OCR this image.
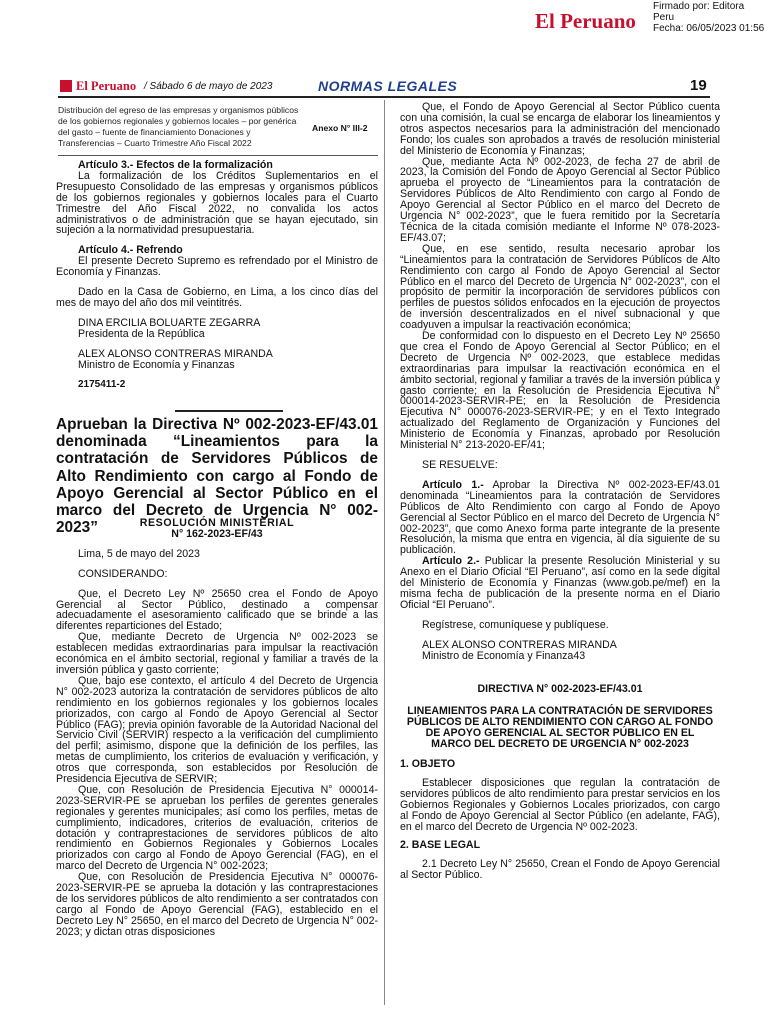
El Peruano
Firmado por: Editora
Peru
Fecha: 06/05/2023 01:56
El Peruano / Sábado 6 de mayo de 2023	NORMAS LEGALES	19
Distribución del egreso de las empresas y organismos públicos de los gobiernos regionales y gobiernos locales – por genérica del gasto – fuente de financiamiento Donaciones y Transferencias – Cuarto Trimestre Año Fiscal 2022
Anexo N° III-2

Artículo 3.- Efectos de la formalización

La formalización de los Créditos Suplementarios en el Presupuesto Consolidado de las empresas y organismos públicos de los gobiernos regionales y gobiernos locales para el Cuarto Trimestre del Año Fiscal 2022, no convalida los actos administrativos o de administración que se hayan ejecutado, sin sujeción a la normatividad presupuestaria.

Artículo 4.- Refrendo

El presente Decreto Supremo es refrendado por el Ministro de Economía y Finanzas.

Dado en la Casa de Gobierno, en Lima, a los cinco días del mes de mayo del año dos mil veintitrés.

DINA ERCILIA BOLUARTE ZEGARRA

Presidenta de la República

ALEX ALONSO CONTRERAS MIRANDA

Ministro de Economía y Finanzas

2175411-2

Aprueban la Directiva Nº 002-2023-EF/43.01 denominada “Lineamientos para la contratación de Servidores Públicos de Alto Rendimiento con cargo al Fondo de Apoyo Gerencial al Sector Público en el marco del Decreto de Urgencia N° 002-2023”	RESOLUCIÓN MINISTERIAL

N° 162-2023-EF/43

Lima, 5 de mayo del 2023

CONSIDERANDO:

Que, el Decreto Ley Nº 25650 crea el Fondo de Apoyo Gerencial al Sector Público, destinado a compensar adecuadamente el asesoramiento calificado que se brinde a las diferentes reparticiones del Estado;

Que, mediante Decreto de Urgencia Nº 002-2023 se establecen medidas extraordinarias para impulsar la reactivación económica en el ámbito sectorial, regional y familiar a través de la inversión pública y gasto corriente;

Que, bajo ese contexto, el artículo 4 del Decreto de Urgencia N° 002-2023 autoriza la contratación de servidores públicos de alto rendimiento en los gobiernos regionales y los gobiernos locales priorizados, con cargo al Fondo de Apoyo Gerencial al Sector Público (FAG); previa opinión favorable de la Autoridad Nacional del Servicio Civil (SERVIR) respecto a la verificación del cumplimiento del perfil; asimismo, dispone que la definición de los perfiles, las metas de cumplimiento, los criterios de evaluación y verificación, y otros que corresponda, son establecidos por Resolución de Presidencia Ejecutiva de SERVIR;

Que, con Resolución de Presidencia Ejecutiva N° 000014-2023-SERVIR-PE se aprueban los perfiles de gerentes generales regionales y gerentes municipales; así como los perfiles, metas de cumplimiento, indicadores, criterios de evaluación, criterios de dotación y contraprestaciones de servidores públicos de alto rendimiento en Gobiernos Regionales y Gobiernos Locales priorizados con cargo al Fondo de Apoyo Gerencial (FAG), en el marco del Decreto de Urgencia N° 002-2023;

Que, con Resolución de Presidencia Ejecutiva N° 000076-2023-SERVIR-PE se aprueba la dotación y las contraprestaciones de los servidores públicos de alto rendimiento a ser contratados con cargo al Fondo de Apoyo Gerencial (FAG), establecido en el Decreto Ley N° 25650, en el marco del Decreto de Urgencia N° 002-2023; y dictan otras disposiciones

Que, el Fondo de Apoyo Gerencial al Sector Público cuenta con una comisión, la cual se encarga de elaborar los lineamientos y otros aspectos necesarios para la administración del mencionado Fondo; los cuales son aprobados a través de resolución ministerial del Ministerio de Economía y Finanzas;

Que, mediante Acta Nº 002-2023, de fecha 27 de abril de 2023, la Comisión del Fondo de Apoyo Gerencial al Sector Público aprueba el proyecto de “Lineamientos para la contratación de Servidores Públicos de Alto Rendimiento con cargo al Fondo de Apoyo Gerencial al Sector Público en el marco del Decreto de Urgencia N° 002-2023”, que le fuera remitido por la Secretaría Técnica de la citada comisión mediante el Informe Nº 078-2023-EF/43.07;

Que, en ese sentido, resulta necesario aprobar los “Lineamientos para la contratación de Servidores Públicos de Alto Rendimiento con cargo al Fondo de Apoyo Gerencial al Sector Público en el marco del Decreto de Urgencia N° 002-2023”, con el propósito de permitir la incorporación de servidores públicos con perfiles de puestos sólidos enfocados en la ejecución de proyectos de inversión descentralizados en el nivel subnacional y que coadyuven a impulsar la reactivación económica;

De conformidad con lo dispuesto en el Decreto Ley Nº 25650 que crea el Fondo de Apoyo Gerencial al Sector Público; en el Decreto de Urgencia Nº 002-2023, que establece medidas extraordinarias para impulsar la reactivación económica en el ámbito sectorial, regional y familiar a través de la inversión pública y gasto corriente; en la Resolución de Presidencia Ejecutiva N° 000014-2023-SERVIR-PE; en la Resolución de Presidencia Ejecutiva N° 000076-2023-SERVIR-PE; y en el Texto Integrado actualizado del Reglamento de Organización y Funciones del Ministerio de Economía y Finanzas, aprobado por Resolución Ministerial N° 213-2020-EF/41;

SE RESUELVE:

Artículo 1.- Aprobar la Directiva Nº 002-2023-EF/43.01 denominada “Lineamientos para la contratación de Servidores Públicos de Alto Rendimiento con cargo al Fondo de Apoyo Gerencial al Sector Público en el marco del Decreto de Urgencia N° 002-2023”, que como Anexo forma parte integrante de la presente Resolución, la misma que entra en vigencia, al día siguiente de su publicación.

Artículo 2.- Publicar la presente Resolución Ministerial y su Anexo en el Diario Oficial “El Peruano”, así como en la sede digital del Ministerio de Economía y Finanzas (www.gob.pe/mef) en la misma fecha de publicación de la presente norma en el Diario Oficial “El Peruano”.

Regístrese, comuníquese y publíquese.

ALEX ALONSO CONTRERAS MIRANDA

Ministro de Economía y Finanza43

DIRECTIVA N° 002-2023-EF/43.01

LINEAMIENTOS PARA LA CONTRATACIÓN DE SERVIDORES PÚBLICOS DE ALTO RENDIMIENTO CON CARGO AL FONDO DE APOYO GERENCIAL AL SECTOR PÚBLICO EN EL MARCO DEL DECRETO DE URGENCIA N° 002-2023

1. OBJETO

Establecer disposiciones que regulan la contratación de servidores públicos de alto rendimiento para prestar servicios en los Gobiernos Regionales y Gobiernos Locales priorizados, con cargo al Fondo de Apoyo Gerencial al Sector Público (en adelante, FAG), en el marco del Decreto de Urgencia Nº 002-2023.

2. BASE LEGAL

2.1 Decreto Ley N° 25650, Crean el Fondo de Apoyo Gerencial al Sector Público.
